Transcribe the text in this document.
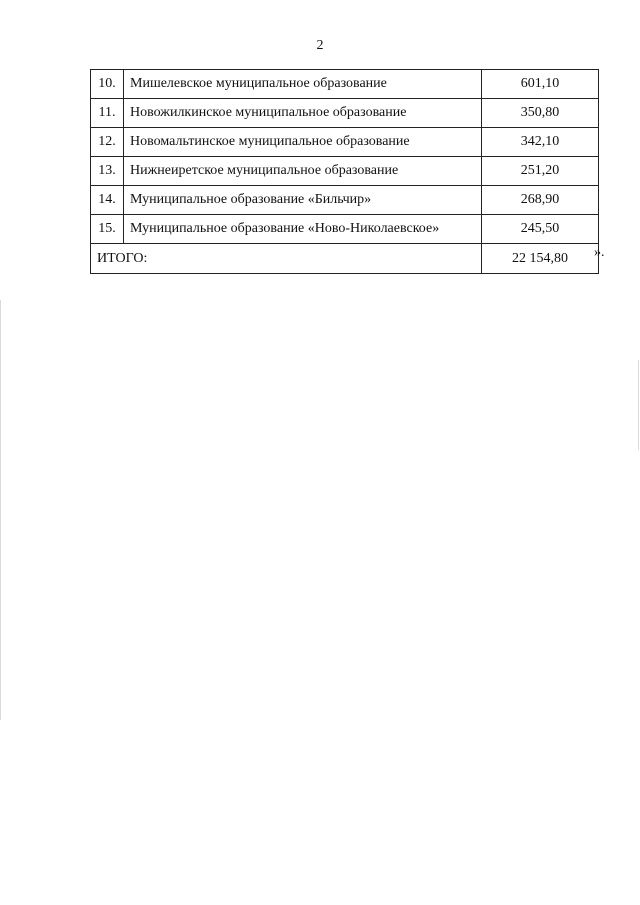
2
10.	Мишелевское муниципальное образование	601,10
11.	Новожилкинское муниципальное образование	350,80
12.	Новомальтинское муниципальное образование	342,10
13.	Нижнеиретское муниципальное образование	251,20
14.	Муниципальное образование «Бильчир»	268,90
15.	Муниципальное образование «Ново-Николаевское»	245,50
ИТОГО:		22 154,80 ».
